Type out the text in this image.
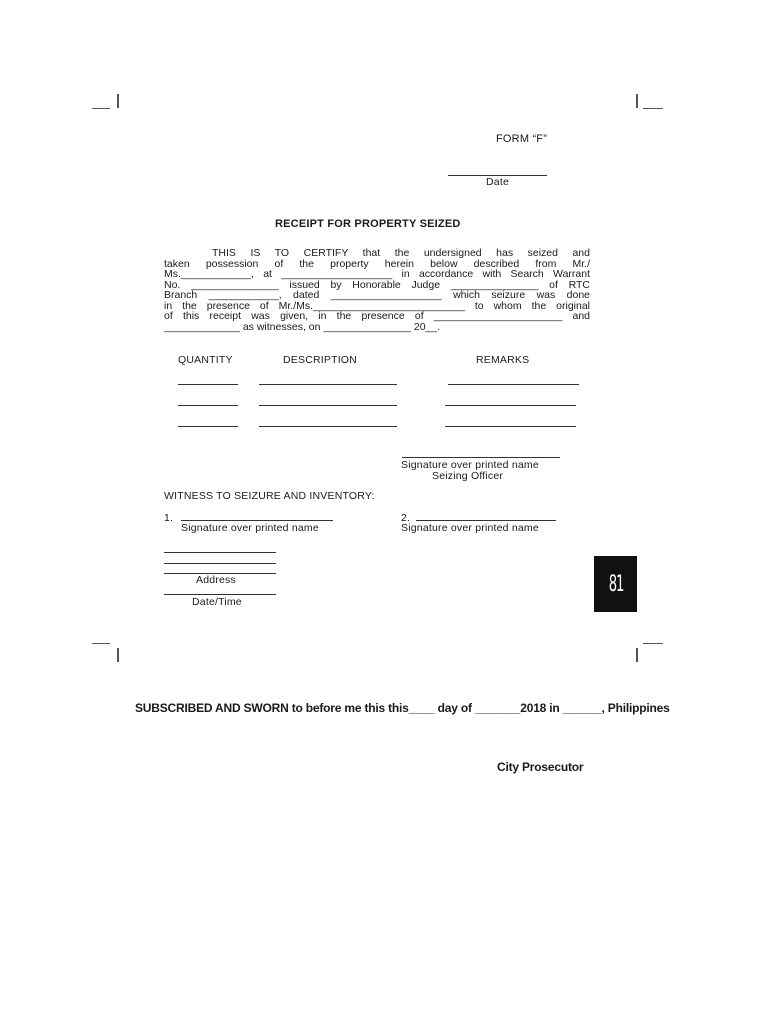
FORM “F”
Date
RECEIPT FOR PROPERTY SEIZED

THIS IS TO CERTIFY that the undersigned has seized and

taken possession of the property herein below described from Mr./

Ms.____________, at ___________________ in accordance with Search Warrant

No. _______________ issued by Honorable Judge _______________ of RTC

Branch ____________, dated ___________________ which seizure was done

in the presence of Mr./Ms.__________________________ to whom the original

of this receipt was given, in the presence of ______________________ and

_____________ as witnesses, on _______________ 20__.

QUANTITY	DESCRIPTION	REMARKS
Signature over printed name
Seizing Officer
WITNESS TO SEIZURE AND INVENTORY:
1.
Signature over printed name
2.
Signature over printed name
Address
Date/Time
81
SUBSCRIBED AND SWORN to before me this this____ day of _______2018 in ______, Philippines
City Prosecutor
